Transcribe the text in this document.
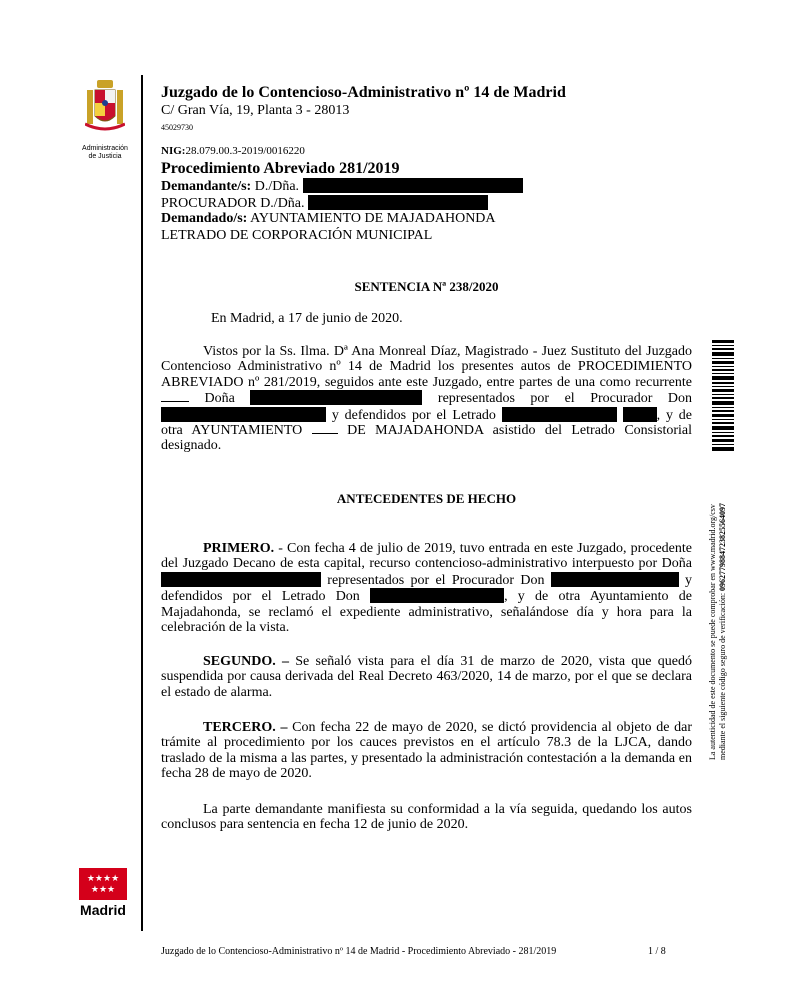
Administración
de Justicia
Juzgado de lo Contencioso-Administrativo nº 14 de Madrid
C/ Gran Vía, 19, Planta 3 - 28013
45029730
NIG:28.079.00.3-2019/0016220
Procedimiento Abreviado 281/2019
Demandante/s: D./Dña.
PROCURADOR D./Dña.
Demandado/s: AYUNTAMIENTO DE MAJADAHONDA
LETRADO DE CORPORACIÓN MUNICIPAL
SENTENCIA Nª 238/2020
En Madrid, a 17 de junio de 2020.
Vistos por la Ss. Ilma. Dª Ana Monreal Díaz, Magistrado - Juez Sustituto del Juzgado Contencioso Administrativo nº 14 de Madrid los presentes autos de PROCEDIMIENTO ABREVIADO nº 281/2019, seguidos ante este Juzgado, entre partes de una como recurrente  Doña	representados por el Procurador Don  y defendidos por el Letrado	, y de otra AYUNTAMIENTO	DE MAJADAHONDA asistido del Letrado Consistorial designado.
ANTECEDENTES DE HECHO
PRIMERO. - Con fecha 4 de julio de 2019, tuvo entrada en este Juzgado, procedente del Juzgado Decano de esta capital, recurso contencioso-administrativo interpuesto por Doña  representados por el Procurador Don	y defendidos por el Letrado Don	, y de otra Ayuntamiento de Majadahonda, se reclamó el expediente administrativo, señalándose día y hora para la celebración de la vista.
SEGUNDO. – Se señaló vista para el día 31 de marzo de 2020, vista que quedó suspendida por causa derivada del Real Decreto 463/2020, 14 de marzo, por el que se declara el estado de alarma.
TERCERO. – Con fecha 22 de mayo de 2020, se dictó providencia al objeto de dar trámite al procedimiento por los cauces previstos en el artículo 78.3 de la LJCA, dando traslado de la misma a las partes, y presentado la administración contestación a la demanda en fecha 28 de mayo de 2020.
La parte demandante manifiesta su conformidad a la vía seguida, quedando los autos conclusos para sentencia en fecha 12 de junio de 2020.
★★★★
★★★
Madrid
La autenticidad de este documento se puede comprobar en www.madrid.org/csv mediante el siguiente código seguro de verificación: 0962779884723825564097
Juzgado de lo Contencioso-Administrativo nº 14 de Madrid - Procedimiento Abreviado - 281/2019	1 / 8
